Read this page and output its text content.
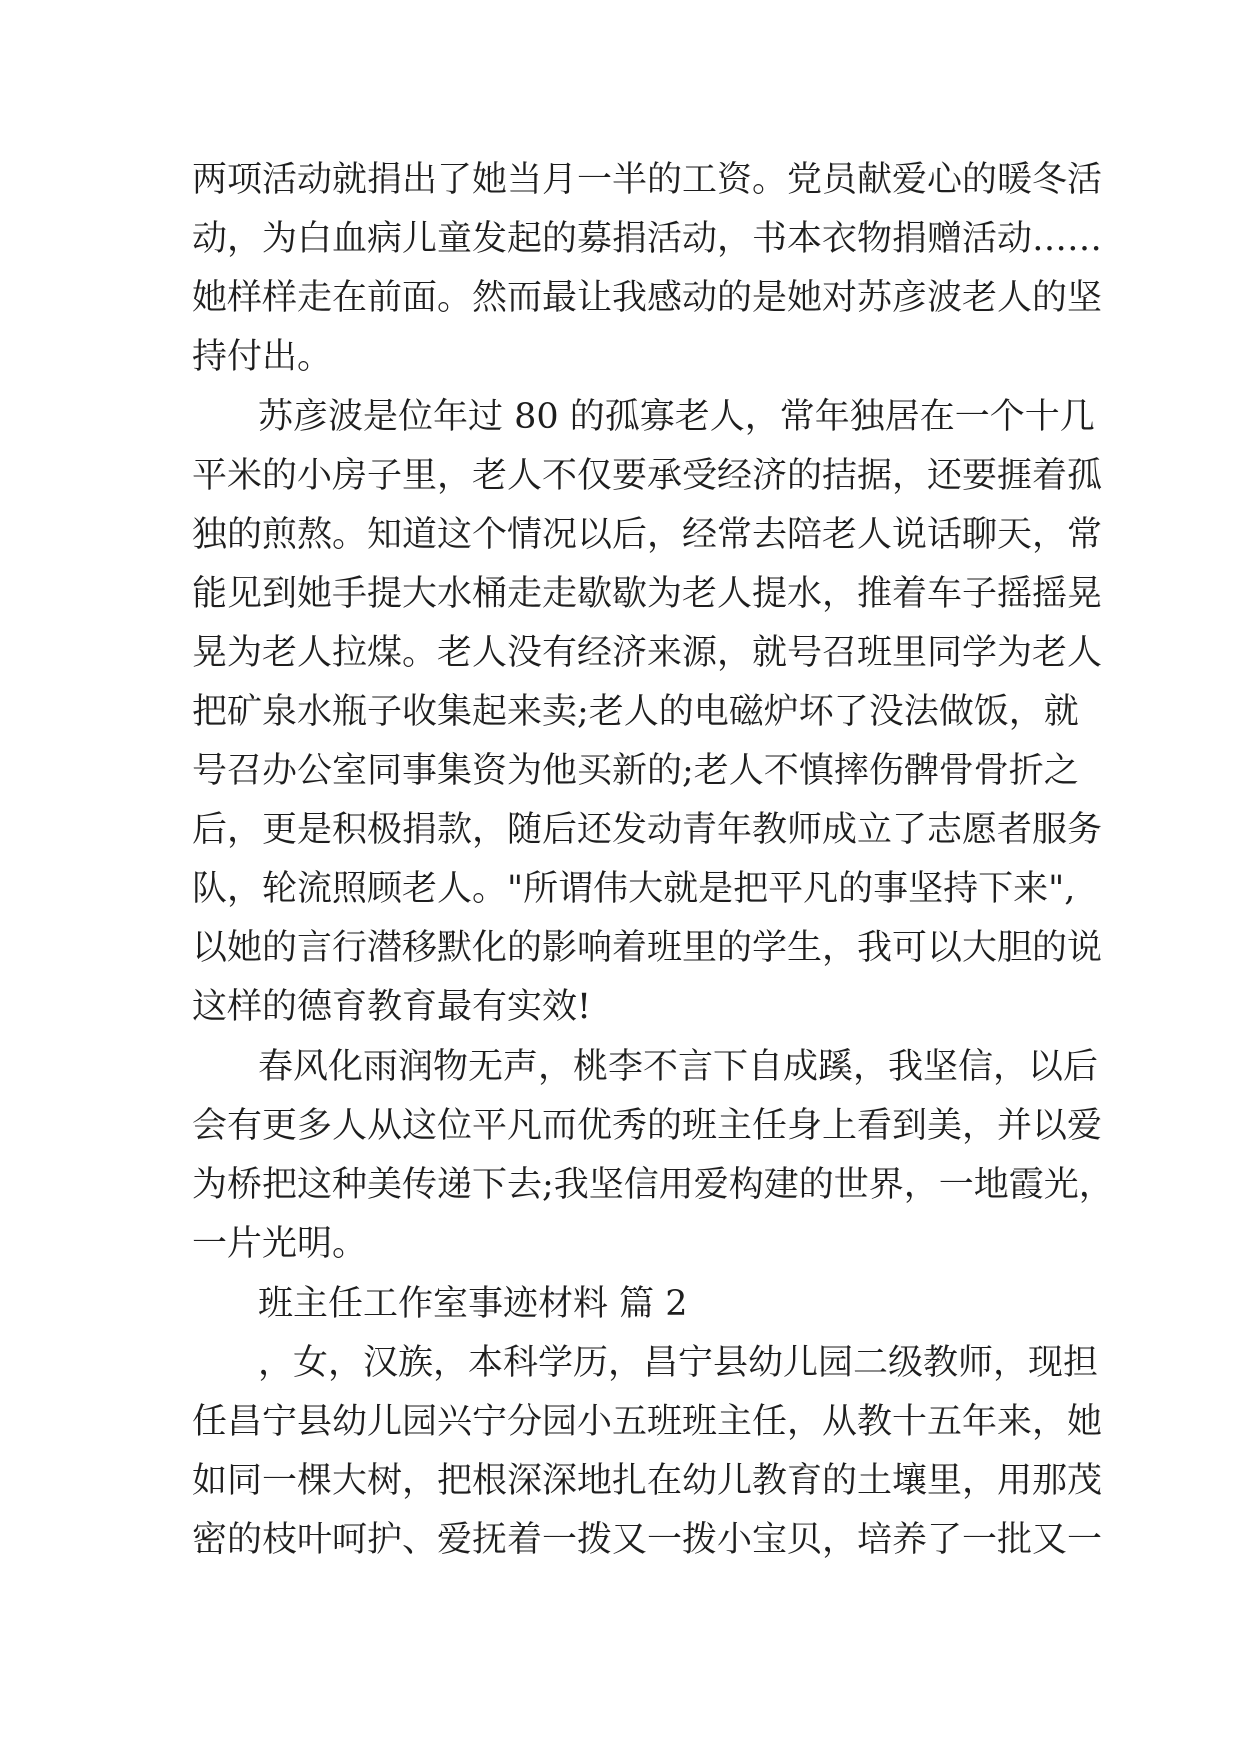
两项活动就捐出了她当月一半的工资。党员献爱心的暖冬活
动，为白血病儿童发起的募捐活动，书本衣物捐赠活动……
她样样走在前面。然而最让我感动的是她对苏彦波老人的坚
持付出。
苏彦波是位年过 80 的孤寡老人，常年独居在一个十几
平米的小房子里，老人不仅要承受经济的拮据，还要捱着孤
独的煎熬。知道这个情况以后，经常去陪老人说话聊天，常
能见到她手提大水桶走走歇歇为老人提水，推着车子摇摇晃
晃为老人拉煤。老人没有经济来源，就号召班里同学为老人
把矿泉水瓶子收集起来卖;老人的电磁炉坏了没法做饭，就
号召办公室同事集资为他买新的;老人不慎摔伤髀骨骨折之
后，更是积极捐款，随后还发动青年教师成立了志愿者服务
队，轮流照顾老人。"所谓伟大就是把平凡的事坚持下来",
以她的言行潜移默化的影响着班里的学生，我可以大胆的说
这样的德育教育最有实效!
春风化雨润物无声，桃李不言下自成蹊，我坚信，以后
会有更多人从这位平凡而优秀的班主任身上看到美，并以爱
为桥把这种美传递下去;我坚信用爱构建的世界，一地霞光，
一片光明。
班主任工作室事迹材料 篇 2
，女，汉族，本科学历，昌宁县幼儿园二级教师，现担
任昌宁县幼儿园兴宁分园小五班班主任，从教十五年来，她
如同一棵大树，把根深深地扎在幼儿教育的土壤里，用那茂
密的枝叶呵护、爱抚着一拨又一拨小宝贝，培养了一批又一
